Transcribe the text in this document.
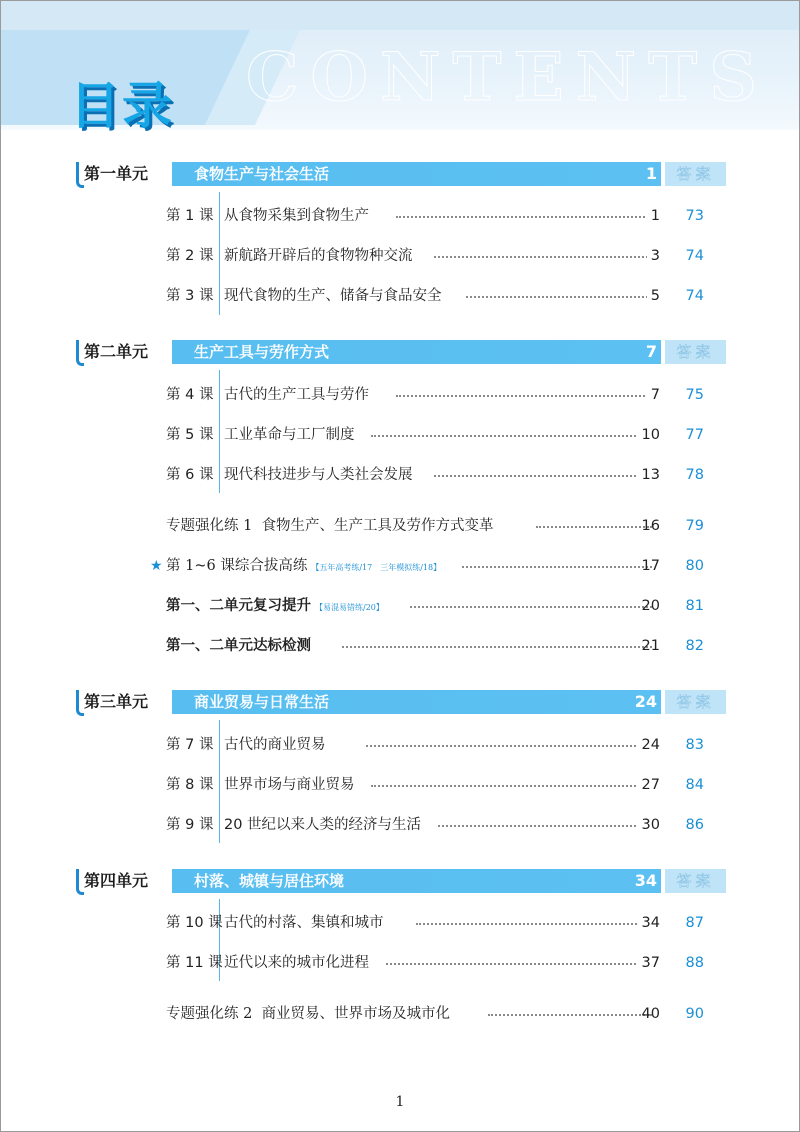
CONTENTS
目录
第一单元	食物生产与社会生活	1	答案
第 1 课 从食物采集到食物生产	1 73
第 2 课 新航路开辟后的食物物种交流	3 74
第 3 课 现代食物的生产、储备与食品安全	5 74
第二单元	生产工具与劳作方式	7	答案
第 4 课 古代的生产工具与劳作	7 75
第 5 课 工业革命与工厂制度	10 77
第 6 课 现代科技进步与人类社会发展	13 78
专题强化练 1 食物生产、生产工具及劳作方式变革	16 79
★ 第 1~6 课综合拔高练 【五年高考练/17　三年模拟练/18】	17 80
第一、二单元复习提升 【易混易错练/20】	20 81
第一、二单元达标检测	21 82
第三单元	商业贸易与日常生活	24	答案
第 7 课 古代的商业贸易	24 83
第 8 课 世界市场与商业贸易	27 84
第 9 课 20 世纪以来人类的经济与生活	30 86
第四单元	村落、城镇与居住环境	34	答案
第 10 课 古代的村落、集镇和城市	34 87
第 11 课 近代以来的城市化进程	37 88
专题强化练 2 商业贸易、世界市场及城市化	40 90
1
